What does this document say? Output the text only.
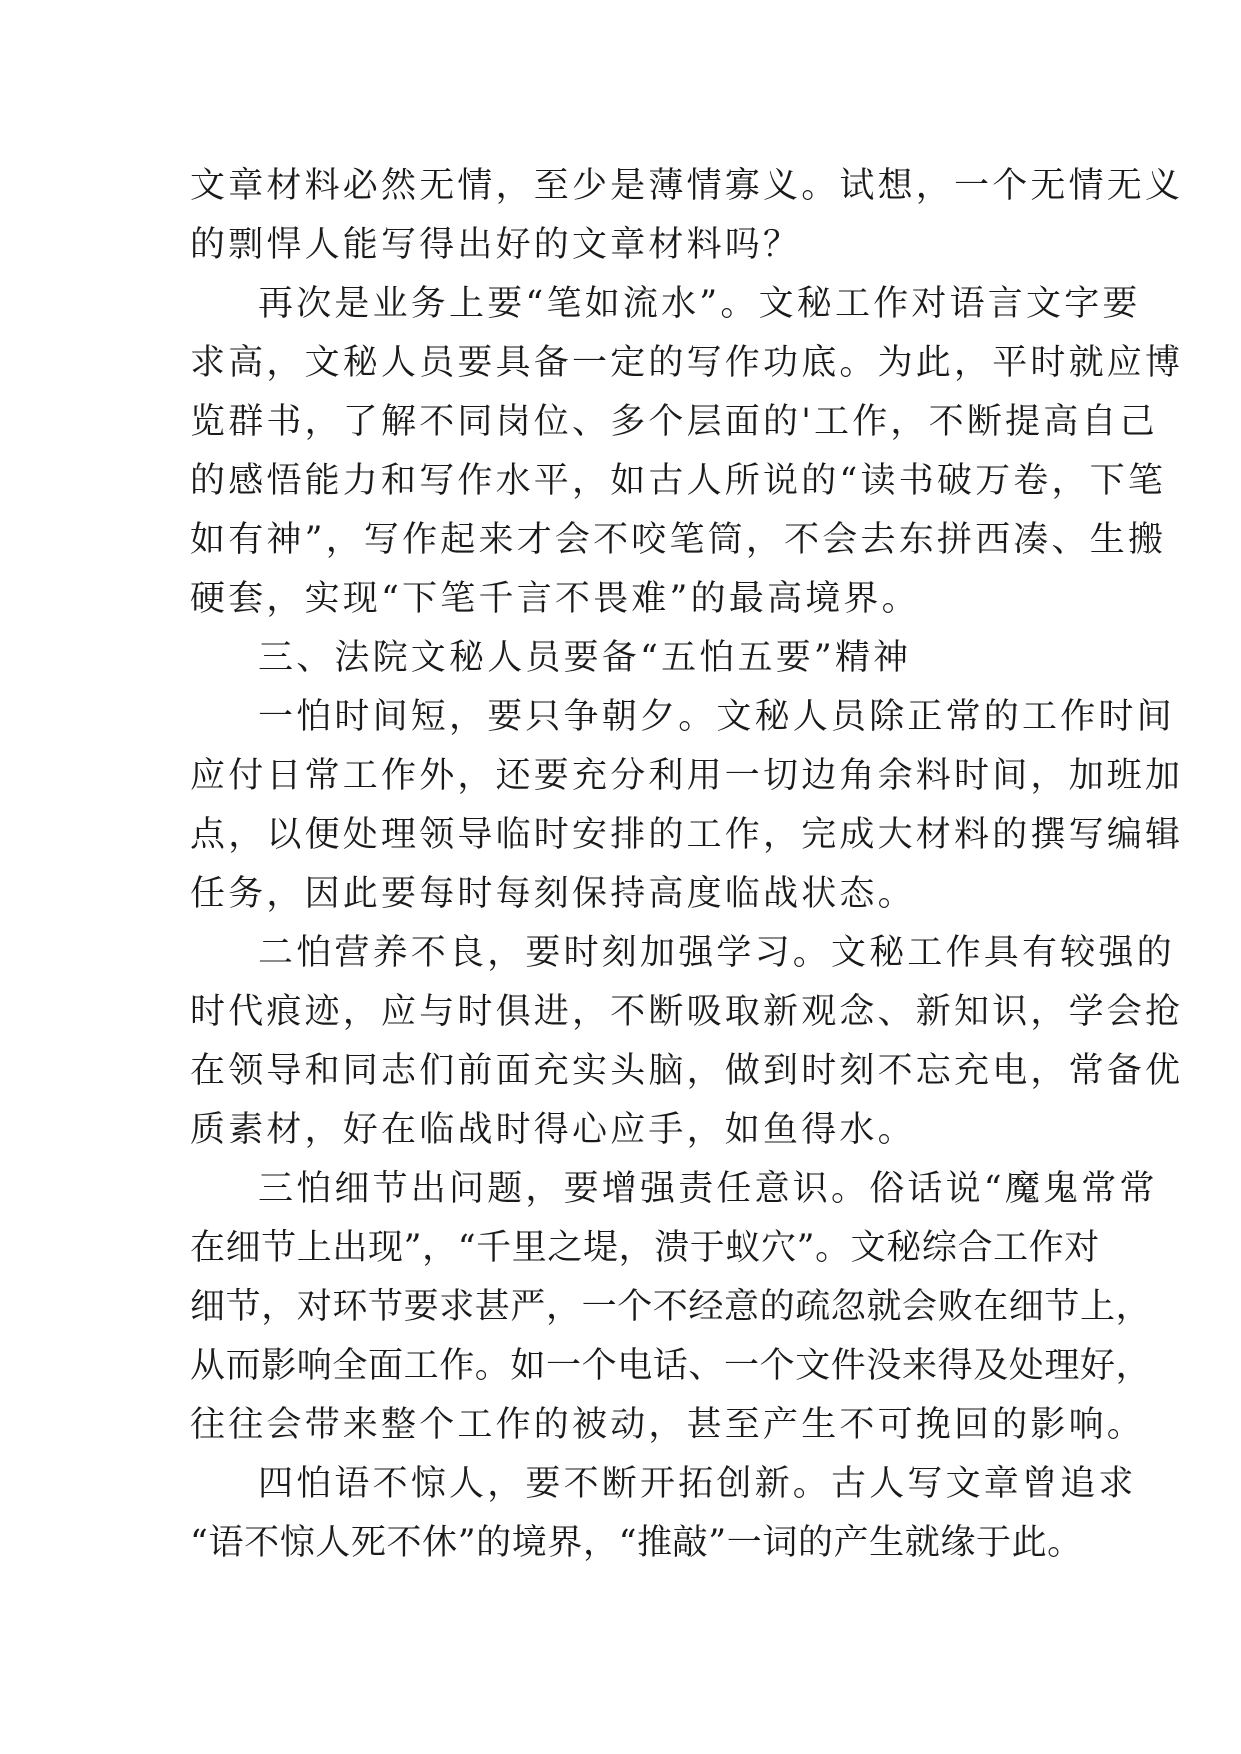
文章材料必然无情，至少是薄情寡义。试想，一个无情无义
的剽悍人能写得出好的文章材料吗？
再次是业务上要“笔如流水”。文秘工作对语言文字要
求高，文秘人员要具备一定的写作功底。为此，平时就应博
览群书，了解不同岗位、多个层面的'工作，不断提高自己
的感悟能力和写作水平，如古人所说的“读书破万卷，下笔
如有神”，写作起来才会不咬笔筒，不会去东拼西凑、生搬
硬套，实现“下笔千言不畏难”的最高境界。
三、法院文秘人员要备“五怕五要”精神
一怕时间短，要只争朝夕。文秘人员除正常的工作时间
应付日常工作外，还要充分利用一切边角余料时间，加班加
点，以便处理领导临时安排的工作，完成大材料的撰写编辑
任务，因此要每时每刻保持高度临战状态。
二怕营养不良，要时刻加强学习。文秘工作具有较强的
时代痕迹，应与时俱进，不断吸取新观念、新知识，学会抢
在领导和同志们前面充实头脑，做到时刻不忘充电，常备优
质素材，好在临战时得心应手，如鱼得水。
三怕细节出问题，要增强责任意识。俗话说“魔鬼常常
在细节上出现”，“千里之堤，溃于蚁穴”。文秘综合工作对
细节，对环节要求甚严，一个不经意的疏忽就会败在细节上，
从而影响全面工作。如一个电话、一个文件没来得及处理好，
往往会带来整个工作的被动，甚至产生不可挽回的影响。
四怕语不惊人，要不断开拓创新。古人写文章曾追求
“语不惊人死不休”的境界，“推敲”一词的产生就缘于此。
